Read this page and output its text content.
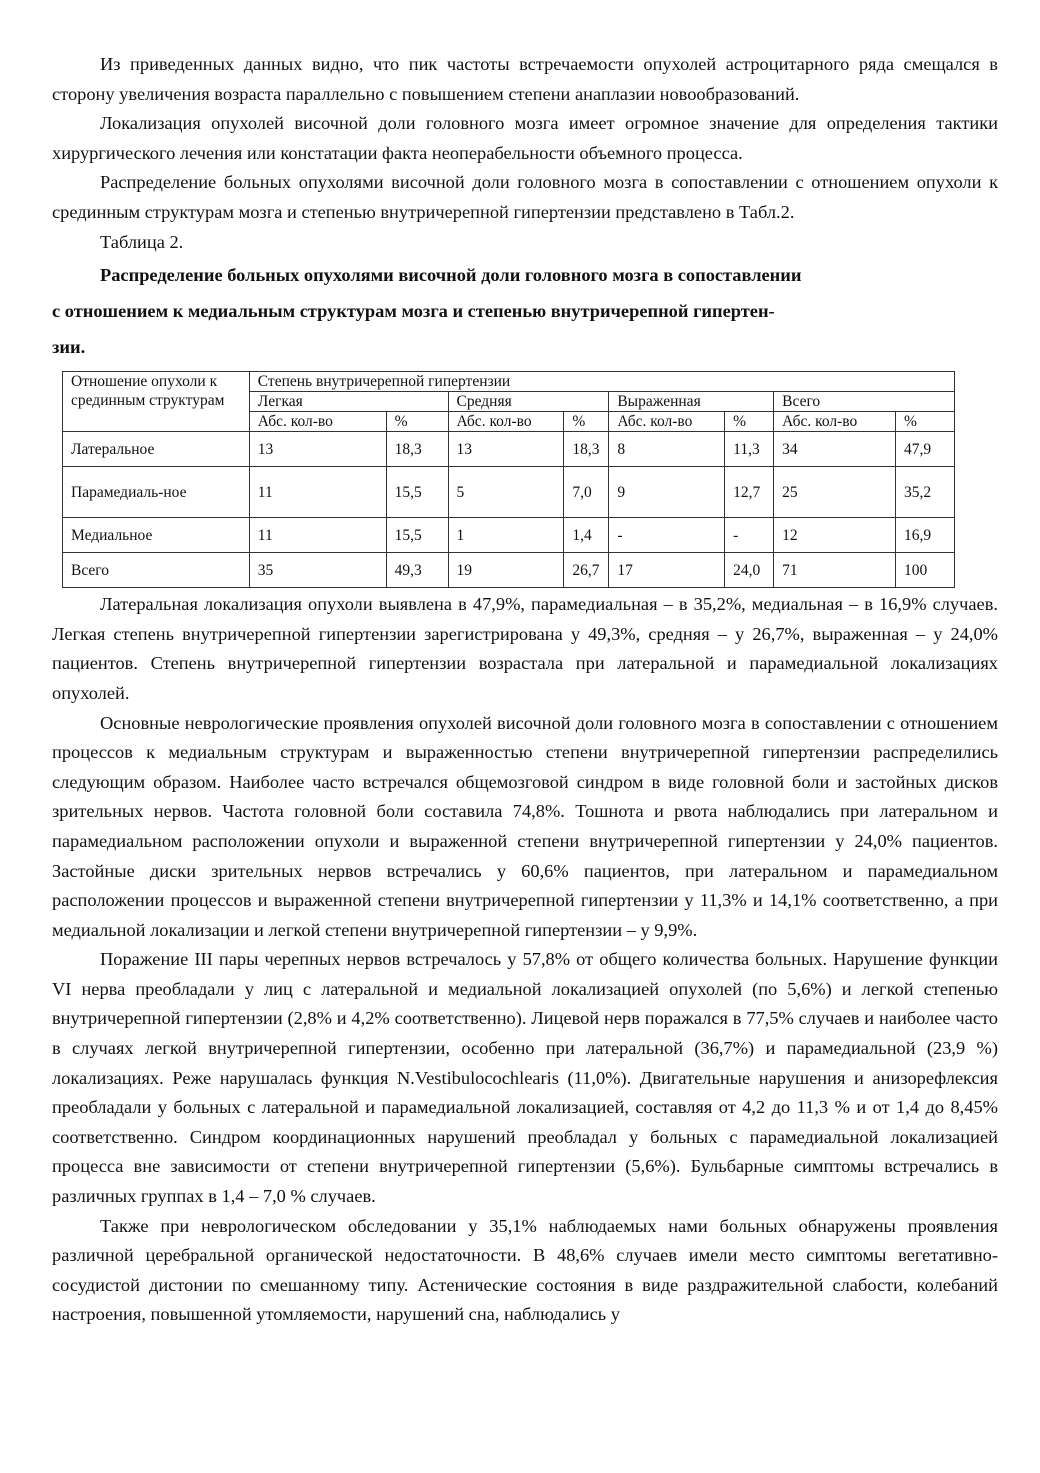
Из приведенных данных видно, что пик частоты встречаемости опухолей астроцитарного ряда смещался в сторону увеличения возраста параллельно с повышением степени анаплазии новообразований.

Локализация опухолей височной доли головного мозга имеет огромное значение для определения тактики хирургического лечения или констатации факта неоперабельности объемного процесса.

Распределение больных опухолями височной доли головного мозга в сопоставлении с отношением опухоли к срединным структурам мозга и степенью внутричерепной гипертензии представлено в Табл.2.

Таблица 2.

Распределение больных опухолями височной доли головного мозга в сопоставлении

с отношением к медиальным структурам мозга и степенью внутричерепной гипертен-

зии.

Отношение опухоли к срединным структурам	Степень внутричерепной гипертензии							
	Легкая		Средняя		Выраженная		Всего	
	Абс. кол-во	%	Абс. кол-во	%	Абс. кол-во	%	Абс. кол-во	%
Латеральное	13	18,3	13	18,3	8	11,3	34	47,9
Парамедиаль-ное	11	15,5	5	7,0	9	12,7	25	35,2
Медиальное	11	15,5	1	1,4	-	-	12	16,9
Всего	35	49,3	19	26,7	17	24,0	71	100

Латеральная локализация опухоли выявлена в 47,9%, парамедиальная – в 35,2%, медиальная – в 16,9% случаев. Легкая степень внутричерепной гипертензии зарегистрирована у 49,3%, средняя – у 26,7%, выраженная – у 24,0% пациентов. Степень внутричерепной гипертензии возрастала при латеральной и парамедиальной локализациях опухолей.

Основные неврологические проявления опухолей височной доли головного мозга в сопоставлении с отношением процессов к медиальным структурам и выраженностью степени внутричерепной гипертензии распределились следующим образом. Наиболее часто встречался общемозговой синдром в виде головной боли и застойных дисков зрительных нервов. Частота головной боли составила 74,8%. Тошнота и рвота наблюдались при латеральном и парамедиальном расположении опухоли и выраженной степени внутричерепной гипертензии у 24,0% пациентов. Застойные диски зрительных нервов встречались у 60,6% пациентов, при латеральном и парамедиальном расположении процессов и выраженной степени внутричерепной гипертензии у 11,3% и 14,1% соответственно, а при медиальной локализации и легкой степени внутричерепной гипертензии – у 9,9%.

Поражение III пары черепных нервов встречалось у 57,8% от общего количества больных. Нарушение функции VI нерва преобладали у лиц с латеральной и медиальной локализацией опухолей (по 5,6%) и легкой степенью внутричерепной гипертензии (2,8% и 4,2% соответственно). Лицевой нерв поражался в 77,5% случаев и наиболее часто в случаях легкой внутричерепной гипертензии, особенно при латеральной (36,7%) и парамедиальной (23,9 %) локализациях. Реже нарушалась функция N.Vestibulocochlearis (11,0%). Двигательные нарушения и анизорефлексия преобладали у больных с латеральной и парамедиальной локализацией, составляя от 4,2 до 11,3 % и от 1,4 до 8,45% соответственно. Синдром координационных нарушений преобладал у больных с парамедиальной локализацией процесса вне зависимости от степени внутричерепной гипертензии (5,6%). Бульбарные симптомы встречались в различных группах в 1,4 – 7,0 % случаев.

Также при неврологическом обследовании у 35,1% наблюдаемых нами больных обнаружены проявления различной церебральной органической недостаточности. В 48,6% случаев имели место симптомы вегетативно-сосудистой дистонии по смешанному типу. Астенические состояния в виде раздражительной слабости, колебаний настроения, повышенной утомляемости, нарушений сна, наблюдались у
